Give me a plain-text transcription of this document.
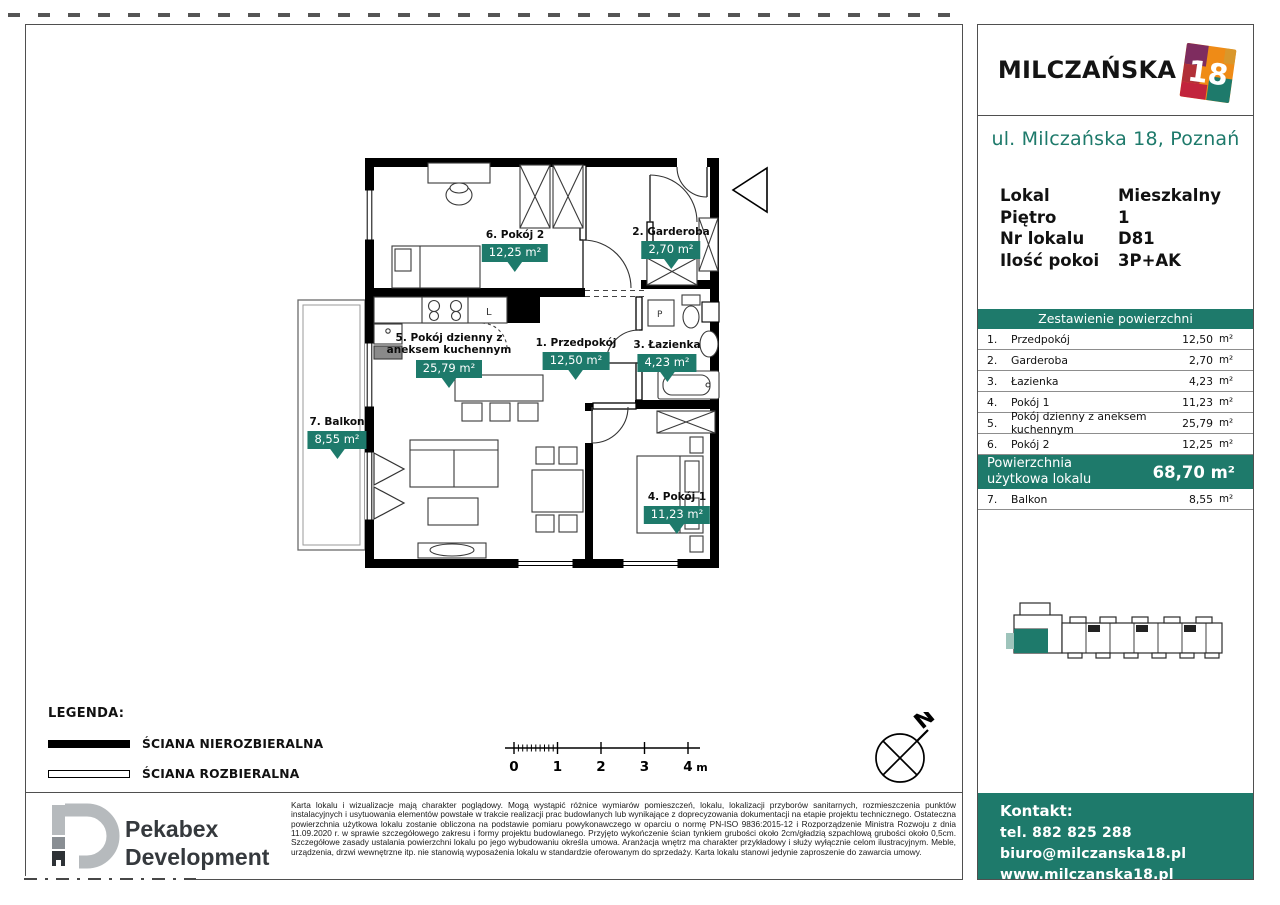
P
L
1. Przedpokój
12,50 m²
2. Garderoba
2,70 m²
3. Łazienka
4,23 m²
4. Pokój 1
11,23 m²
5. Pokój dzienny z aneksem kuchennym
25,79 m²
6. Pokój 2
12,25 m²
7. Balkon
8,55 m²
LEGENDA:
ŚCIANA NIEROZBIERALNA
ŚCIANA ROZBIERALNA	0	1	2	3	4 m
N
Pekabex
Development
Karta lokalu i wizualizacje mają charakter poglądowy. Mogą wystąpić różnice wymiarów pomieszczeń, lokalu, lokalizacji przyborów sanitarnych, rozmieszczenia punktów instalacyjnych i usytuowania elementów powstałe w trakcie realizacji prac budowlanych lub wynikające z doprecyzowania dokumentacji na etapie projektu technicznego. Ostateczna powierzchnia użytkowa lokalu zostanie obliczona na podstawie pomiaru powykonawczego w oparciu o normę PN-ISO 9836:2015-12 i Rozporządzenie Ministra Rozwoju z dnia 11.09.2020 r. w sprawie szczegółowego zakresu i formy projektu budowlanego. Przyjęto wykończenie ścian tynkiem grubości około 2cm/gładzią szpachlową grubości około 0,5cm. Szczegółowe zasady ustalania powierzchni lokalu po jego wybudowaniu określa umowa. Aranżacja wnętrz ma charakter przykładowy i służy wyłącznie celom ilustracyjnym. Meble, urządzenia, drzwi wewnętrzne itp. nie stanowią wyposażenia lokalu w standardzie oferowanym do sprzedaży. Karta lokalu stanowi jedynie zaproszenie do zawarcia umowy.
MILCZAŃSKA 18
ul. Milczańska 18, Poznań
Lokal	Mieszkalny
Piętro	1
Nr lokalu	D81
Ilość pokoi	3P+AK
Zestawienie powierzchni
1.	Przedpokój	12,50 m²
2.	Garderoba	2,70 m²
3.	Łazienka	4,23 m²
4.	Pokój 1	11,23 m²
5.	Pokój dzienny z aneksem kuchennym	25,79 m²
6.	Pokój 2	12,25 m²
Powierzchnia użytkowa lokalu	68,70 m²
7.	Balkon	8,55 m²

Kontakt:

tel. 882 825 288

biuro@milczanska18.pl

www.milczanska18.pl
